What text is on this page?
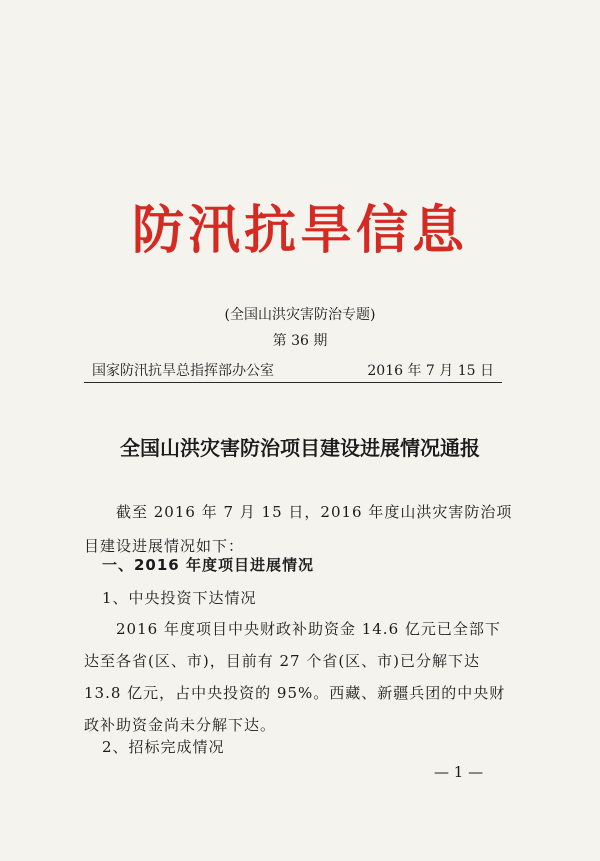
防汛抗旱信息
(全国山洪灾害防治专题)
第 36 期
国家防汛抗旱总指挥部办公室	2016 年 7 月 15 日
全国山洪灾害防治项目建设进展情况通报
截至 2016 年 7 月 15 日，2016 年度山洪灾害防治项目建设进展情况如下：
一、2016 年度项目进展情况
1、中央投资下达情况
2016 年度项目中央财政补助资金 14.6 亿元已全部下达至各省(区、市)，目前有 27 个省(区、市)已分解下达 13.8 亿元，占中央投资的 95%。西藏、新疆兵团的中央财政补助资金尚未分解下达。
2、招标完成情况
— 1 —
